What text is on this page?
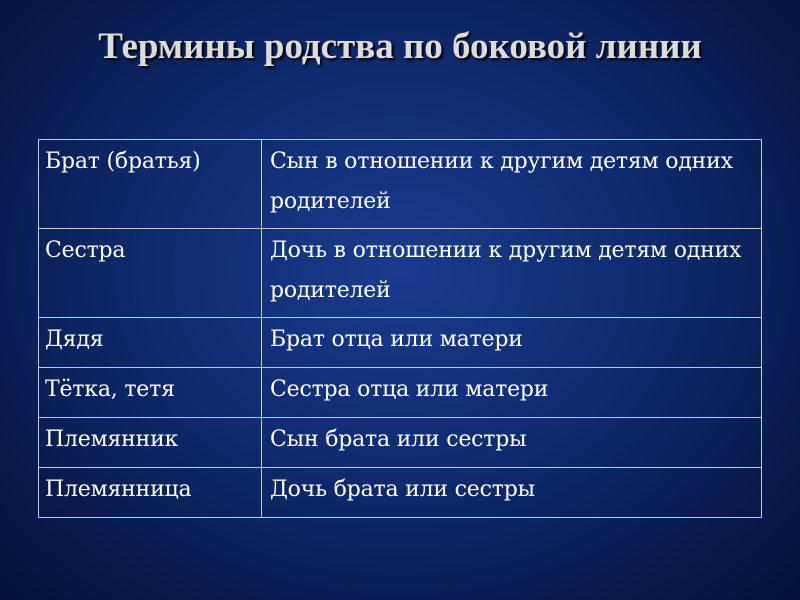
Термины родства по боковой линии
Брат (братья)	Сын в отношении к другим детям одних родителей
Сестра	Дочь в отношении к другим детям одних родителей
Дядя	Брат отца или матери
Тётка, тетя	Сестра отца или матери
Племянник	Сын брата или сестры
Племянница	Дочь брата или сестры
